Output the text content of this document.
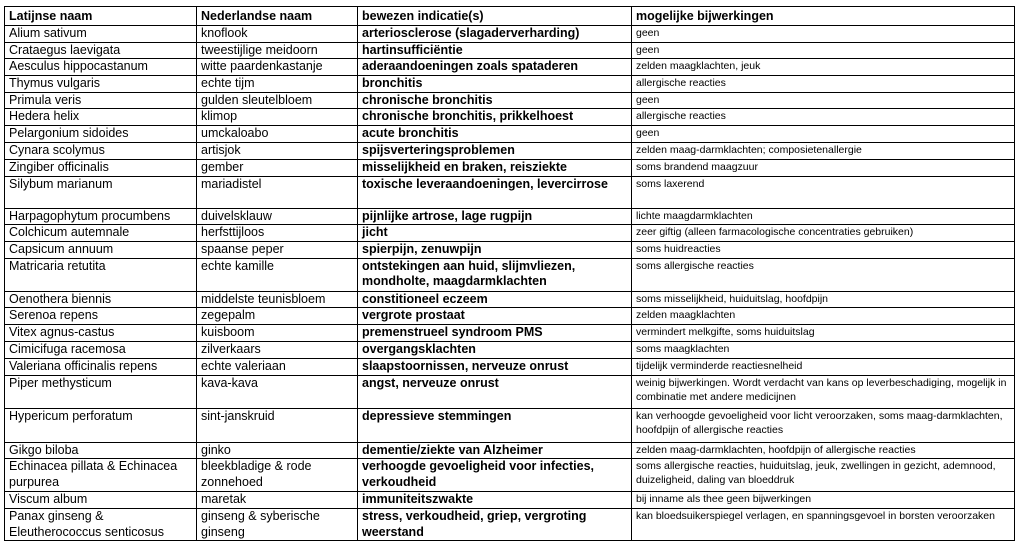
Latijnse naam	Nederlandse naam	bewezen indicatie(s)	mogelijke bijwerkingen
Alium sativum	knoflook	arteriosclerose (slagaderverharding)	geen
Crataegus laevigata	tweestijlige meidoorn	hartinsufficiëntie	geen
Aesculus hippocastanum	witte paardenkastanje	aderaandoeningen zoals spataderen	zelden maagklachten, jeuk
Thymus vulgaris	echte tijm	bronchitis	allergische reacties
Primula veris	gulden sleutelbloem	chronische bronchitis	geen
Hedera helix	klimop	chronische bronchitis, prikkelhoest	allergische reacties
Pelargonium sidoides	umckaloabo	acute bronchitis	geen
Cynara scolymus	artisjok	spijsverteringsproblemen	zelden maag-darmklachten; composietenallergie
Zingiber officinalis	gember	misselijkheid en braken, reisziekte	soms brandend maagzuur
Silybum marianum	mariadistel	toxische leveraandoeningen, levercirrose	soms laxerend
Harpagophytum procumbens	duivelsklauw	pijnlijke artrose, lage rugpijn	lichte maagdarmklachten
Colchicum autemnale	herfsttijloos	jicht	zeer giftig (alleen farmacologische concentraties gebruiken)
Capsicum annuum	spaanse peper	spierpijn, zenuwpijn	soms huidreacties
Matricaria retutita	echte kamille	ontstekingen aan huid, slijmvliezen, mondholte, maagdarmklachten	soms allergische reacties
Oenothera biennis	middelste teunisbloem	constitioneel eczeem	soms misselijkheid, huiduitslag, hoofdpijn
Serenoa repens	zegepalm	vergrote prostaat	zelden maagklachten
Vitex agnus-castus	kuisboom	premenstrueel syndroom PMS	vermindert melkgifte, soms huiduitslag
Cimicifuga racemosa	zilverkaars	overgangsklachten	soms maagklachten
Valeriana officinalis repens	echte valeriaan	slaapstoornissen, nerveuze onrust	tijdelijk verminderde reactiesnelheid
Piper methysticum	kava-kava	angst, nerveuze onrust	weinig bijwerkingen. Wordt verdacht van kans op leverbeschadiging, mogelijk in combinatie met andere medicijnen
Hypericum perforatum	sint-janskruid	depressieve stemmingen	kan verhoogde gevoeligheid voor licht veroorzaken, soms maag-darmklachten, hoofdpijn of allergische reacties
Gikgo biloba	ginko	dementie/ziekte van Alzheimer	zelden maag-darmklachten, hoofdpijn of allergische reacties
Echinacea pillata & Echinacea purpurea	bleekbladige & rode zonnehoed	verhoogde gevoeligheid voor infecties, verkoudheid	soms allergische reacties, huiduitslag, jeuk, zwellingen in gezicht, ademnood, duizeligheid, daling van bloeddruk
Viscum album	maretak	immuniteitszwakte	bij inname als thee geen bijwerkingen
Panax ginseng & Eleutherococcus senticosus	ginseng & syberische ginseng	stress, verkoudheid, griep, vergroting weerstand	kan bloedsuikerspiegel verlagen, en spanningsgevoel in borsten veroorzaken
